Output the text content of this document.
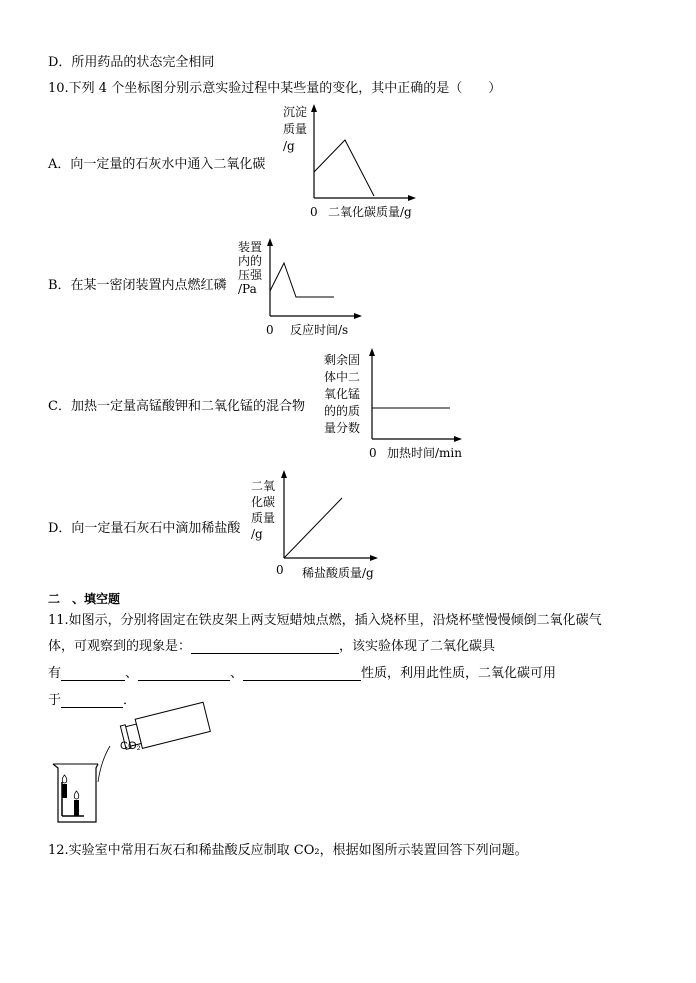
D．所用药品的状态完全相同
10.下列 4 个坐标图分别示意实验过程中某些量的变化，其中正确的是（　　）
A．向一定量的石灰水中通入二氧化碳
沉淀
质量
/g
0 二氧化碳质量/g
B．在某一密闭装置内点燃红磷
装置
内的
压强
/Pa
0 反应时间/s
C．加热一定量高锰酸钾和二氧化锰的混合物
剩余固
体中二
氧化锰
的的质
量分数
0 加热时间/min
D．向一定量石灰石中滴加稀盐酸
二氧
化碳
质量
/g
0 稀盐酸质量/g
二　、填空题
11.如图示，分别将固定在铁皮架上两支短蜡烛点燃，插入烧杯里，沿烧杯壁慢慢倾倒二氧化碳气
体，可观察到的现象是：	，该实验体现了二氧化碳具
有	、	、	性质，利用此性质，二氧化碳可用
于	．
CO₂
12.实验室中常用石灰石和稀盐酸反应制取 CO₂，根据如图所示装置回答下列问题。
